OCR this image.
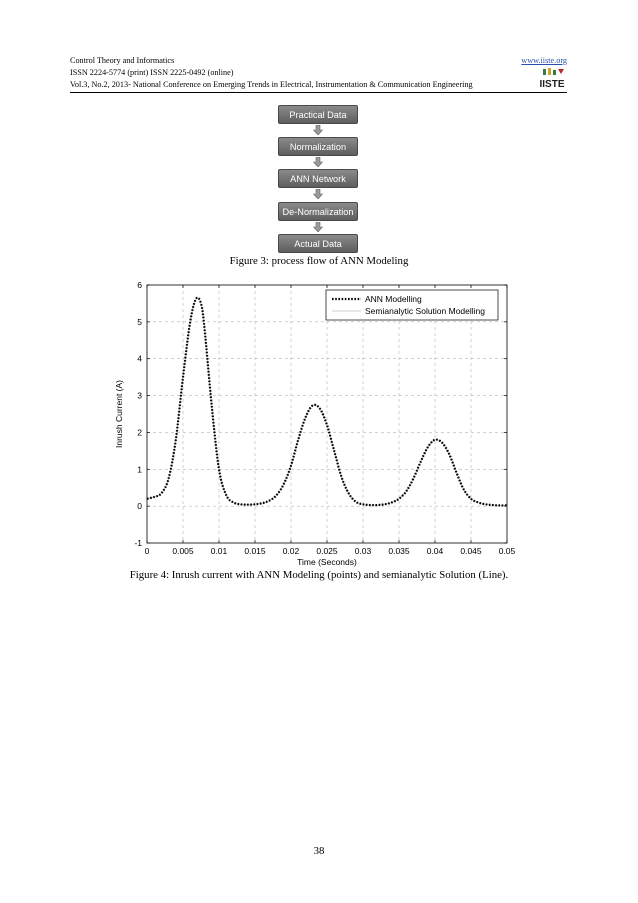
Control Theory and Informatics	www.iiste.org
ISSN 2224-5774 (print) ISSN 2225-0492 (online)
Vol.3, No.2, 2013- National Conference on Emerging Trends in Electrical, Instrumentation & Communication Engineering	IISTE
Practical Data
Normalization
ANN Network
De-Normalization
Actual Data
Figure 3: process flow of ANN Modeling
0	0.005 0.01 0.015 0.02 0.025 0.03 0.035 0.04 0.045 0.05
-1
0
1
2
3
4
5
6
Time (Seconds)
Inrush Current (A)
ANN Modelling
Semianalytic Solution Modelling
Figure 4: Inrush current with ANN Modeling (points) and semianalytic Solution (Line).
38
